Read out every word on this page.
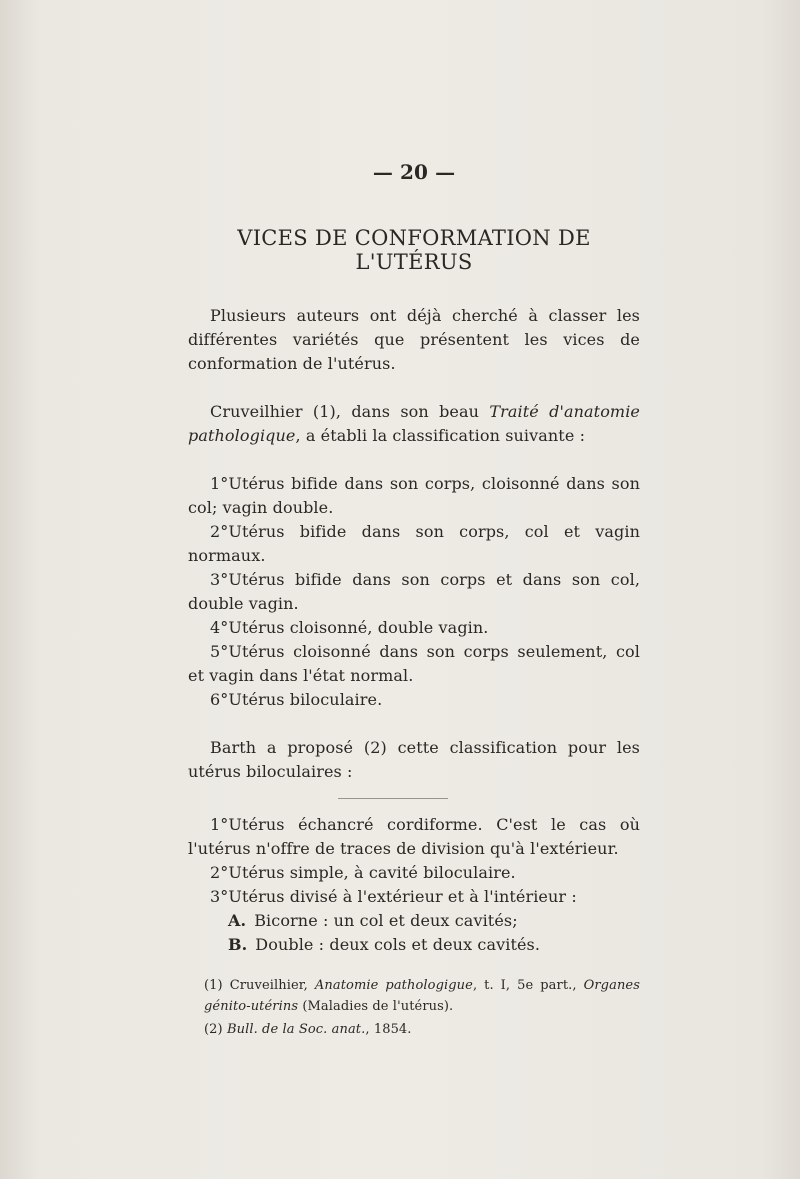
— 20 —
VICES DE CONFORMATION DE L'UTÉRUS

Plusieurs auteurs ont déjà cherché à classer les différentes variétés que présentent les vices de conformation de l'utérus.

Cruveilhier (1), dans son beau Traité d'anatomie pathologique, a établi la classification suivante :

1°Utérus bifide dans son corps, cloisonné dans son col; vagin double.

2°Utérus bifide dans son corps, col et vagin normaux.

3°Utérus bifide dans son corps et dans son col, double vagin.

4°Utérus cloisonné, double vagin.

5°Utérus cloisonné dans son corps seulement, col et vagin dans l'état normal.

6°Utérus biloculaire.

Barth a proposé (2) cette classification pour les utérus biloculaires :

1°Utérus échancré cordiforme. C'est le cas où l'utérus n'offre de traces de division qu'à l'extérieur.

2°Utérus simple, à cavité biloculaire.

3°Utérus divisé à l'extérieur et à l'intérieur :

A. Bicorne : un col et deux cavités;

B. Double : deux cols et deux cavités.

(1) Cruveilhier, Anatomie pathologigue, t. I, 5e part., Organes génito-utérins (Maladies de l'utérus).

(2) Bull. de la Soc. anat., 1854.
